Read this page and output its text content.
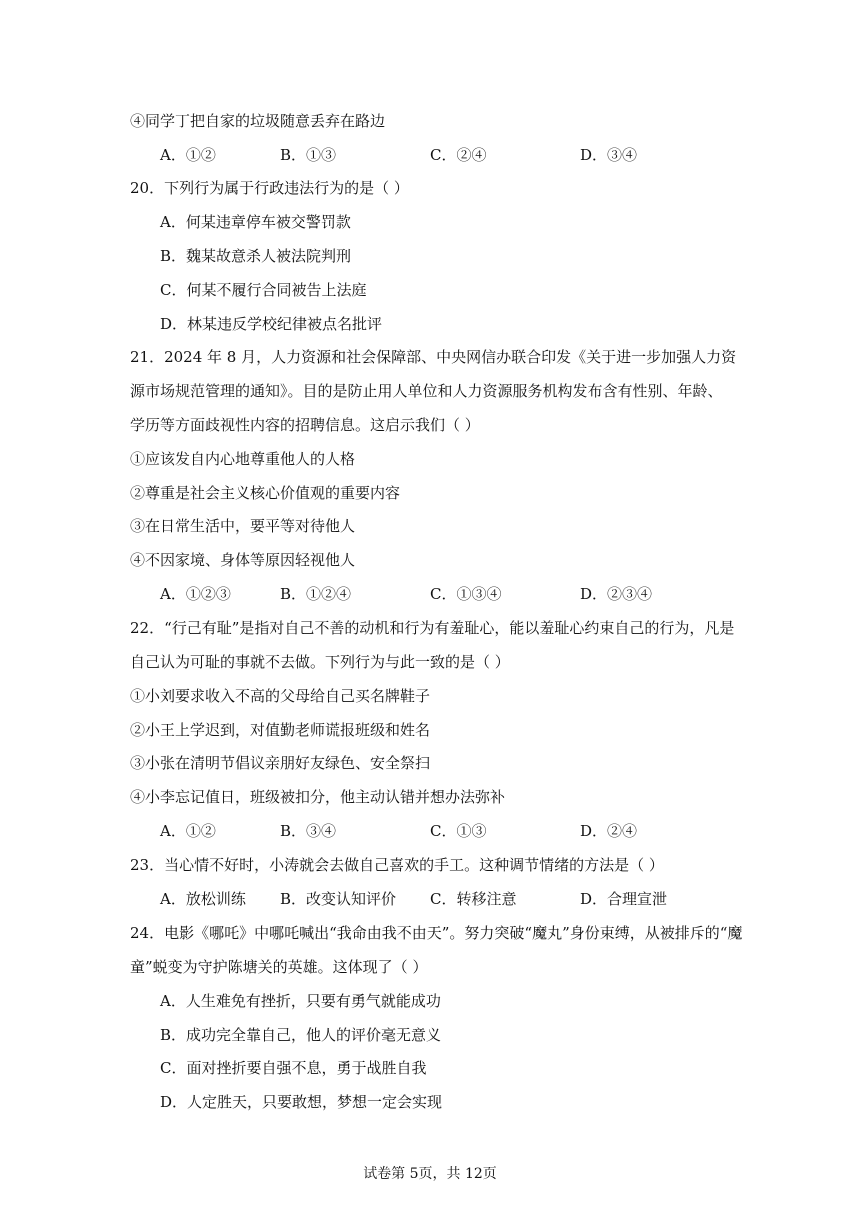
④同学丁把自家的垃圾随意丢弃在路边
A．①②	B．①③	C．②④	D．③④
20．下列行为属于行政违法行为的是（ ）
A．何某违章停车被交警罚款
B．魏某故意杀人被法院判刑
C．何某不履行合同被告上法庭
D．林某违反学校纪律被点名批评
21．2024 年 8 月，人力资源和社会保障部、中央网信办联合印发《关于进一步加强人力资
源市场规范管理的通知》。目的是防止用人单位和人力资源服务机构发布含有性别、年龄、
学历等方面歧视性内容的招聘信息。这启示我们（ ）
①应该发自内心地尊重他人的人格
②尊重是社会主义核心价值观的重要内容
③在日常生活中，要平等对待他人
④不因家境、身体等原因轻视他人
A．①②③	B．①②④	C．①③④	D．②③④
22．“行己有耻”是指对自己不善的动机和行为有羞耻心，能以羞耻心约束自己的行为，凡是
自己认为可耻的事就不去做。下列行为与此一致的是（ ）
①小刘要求收入不高的父母给自己买名牌鞋子
②小王上学迟到，对值勤老师谎报班级和姓名
③小张在清明节倡议亲朋好友绿色、安全祭扫
④小李忘记值日，班级被扣分，他主动认错并想办法弥补
A．①②	B．③④	C．①③	D．②④
23．当心情不好时，小涛就会去做自己喜欢的手工。这种调节情绪的方法是（ ）
A．放松训练 B．改变认知评价 C．转移注意	D．合理宣泄
24．电影《哪吒》中哪吒喊出“我命由我不由天”。努力突破“魔丸”身份束缚，从被排斥的“魔
童”蜕变为守护陈塘关的英雄。这体现了（ ）
A．人生难免有挫折，只要有勇气就能成功
B．成功完全靠自己，他人的评价毫无意义
C．面对挫折要自强不息，勇于战胜自我
D．人定胜天，只要敢想，梦想一定会实现
试卷第 5页，共 12页
